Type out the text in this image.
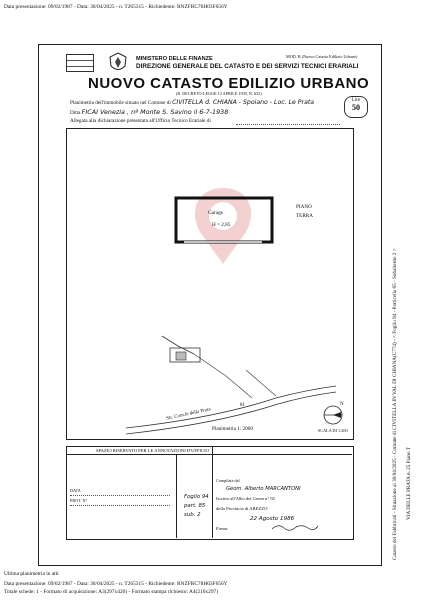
Data presentazione: 09/02/1987 - Data: 30/04/2025 - n. T265315 - Richiedente: RNZFRC78H03F656Y
Ultima planimetria in atti
Data presentazione: 09/02/1987 - Data: 30/04/2025 - n. T265315 - Richiedente: RNZFRC78H03F656Y
Totale schede: 1 - Formato di acquisizione: A3(297x420) - Formato stampa richiesto: A4(210x297)
Catasto dei Fabbricati - Situazione al 30/04/2025 - Comune di CIVITELLA IN VAL DI CHIANA(C774) - < Foglio 94 - Particella 85 - Subalterno 2 > VIA DELLE PRATA n. 25 Piano T
MOD. B (Nuovo Catasto Edilizio Urbano)
MINISTERO DELLE FINANZE
DIREZIONE GENERALE DEL CATASTO E DEI SERVIZI TECNICI ERARIALI
NUOVO CATASTO EDILIZIO URBANO
(R. DECRETO-LEGGE 13 APRILE 1939, N. 652)
Lire
50
Planimetria dell'immobile situato nel Comune di CIVITELLA d. CHIANA - Spoiano - Loc. Le Prata
Ditta FICAI Venezia , nº Monte S. Savino il 6-7-1938
Allegata alla dichiarazione presentata all'Ufficio Tecnico Erariale di
Garage
H = 2,85
PIANO
TERRA
Str. Com.le della Prata
81
Planimetria 1: 2000
N
SCALA DI 1:200
SPAZIO RISERVATO PER LE ANNOTAZIONI D'UFFICIO
DATA
PROT. N°
Foglio 94
part. 85
sub. 2
Compilata dal
Geom. Alberto MARCANTONI
Iscritto all'Albo dei Geom n° 92
della Provincia di AREZZO
22 Agosto 1986
Firma:
